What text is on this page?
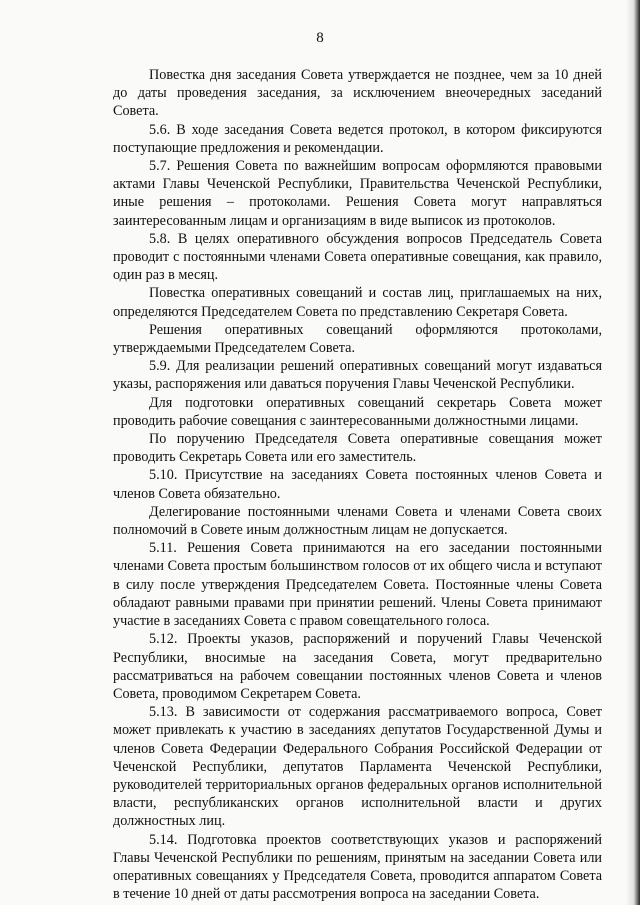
8

Повестка дня заседания Совета утверждается не позднее, чем за 10 дней до даты проведения заседания, за исключением внеочередных заседаний Совета.

5.6. В ходе заседания Совета ведется протокол, в котором фиксируются поступающие предложения и рекомендации.

5.7. Решения Совета по важнейшим вопросам оформляются правовыми актами Главы Чеченской Республики, Правительства Чеченской Республики, иные решения – протоколами. Решения Совета могут направляться заинтересованным лицам и организациям в виде выписок из протоколов.

5.8. В целях оперативного обсуждения вопросов Председатель Совета проводит с постоянными членами Совета оперативные совещания, как правило, один раз в месяц.

Повестка оперативных совещаний и состав лиц, приглашаемых на них, определяются Председателем Совета по представлению Секретаря Совета.

Решения оперативных совещаний оформляются протоколами, утверждаемыми Председателем Совета.

5.9. Для реализации решений оперативных совещаний могут издаваться указы, распоряжения или даваться поручения Главы Чеченской Республики.

Для подготовки оперативных совещаний секретарь Совета может проводить рабочие совещания с заинтересованными должностными лицами.

По поручению Председателя Совета оперативные совещания может проводить Секретарь Совета или его заместитель.

5.10. Присутствие на заседаниях Совета постоянных членов Совета и членов Совета обязательно.

Делегирование постоянными членами Совета и членами Совета своих полномочий в Совете иным должностным лицам не допускается.

5.11. Решения Совета принимаются на его заседании постоянными членами Совета простым большинством голосов от их общего числа и вступают в силу после утверждения Председателем Совета. Постоянные члены Совета обладают равными правами при принятии решений. Члены Совета принимают участие в заседаниях Совета с правом совещательного голоса.

5.12. Проекты указов, распоряжений и поручений Главы Чеченской Республики, вносимые на заседания Совета, могут предварительно рассматриваться на рабочем совещании постоянных членов Совета и членов Совета, проводимом Секретарем Совета.

5.13. В зависимости от содержания рассматриваемого вопроса, Совет может привлекать к участию в заседаниях депутатов Государственной Думы и членов Совета Федерации Федерального Собрания Российской Федерации от Чеченской Республики, депутатов Парламента Чеченской Республики, руководителей территориальных органов федеральных органов исполнительной власти, республиканских органов исполнительной власти и других должностных лиц.

5.14. Подготовка проектов соответствующих указов и распоряжений Главы Чеченской Республики по решениям, принятым на заседании Совета или оперативных совещаниях у Председателя Совета, проводится аппаратом Совета в течение 10 дней от даты рассмотрения вопроса на заседании Совета.
